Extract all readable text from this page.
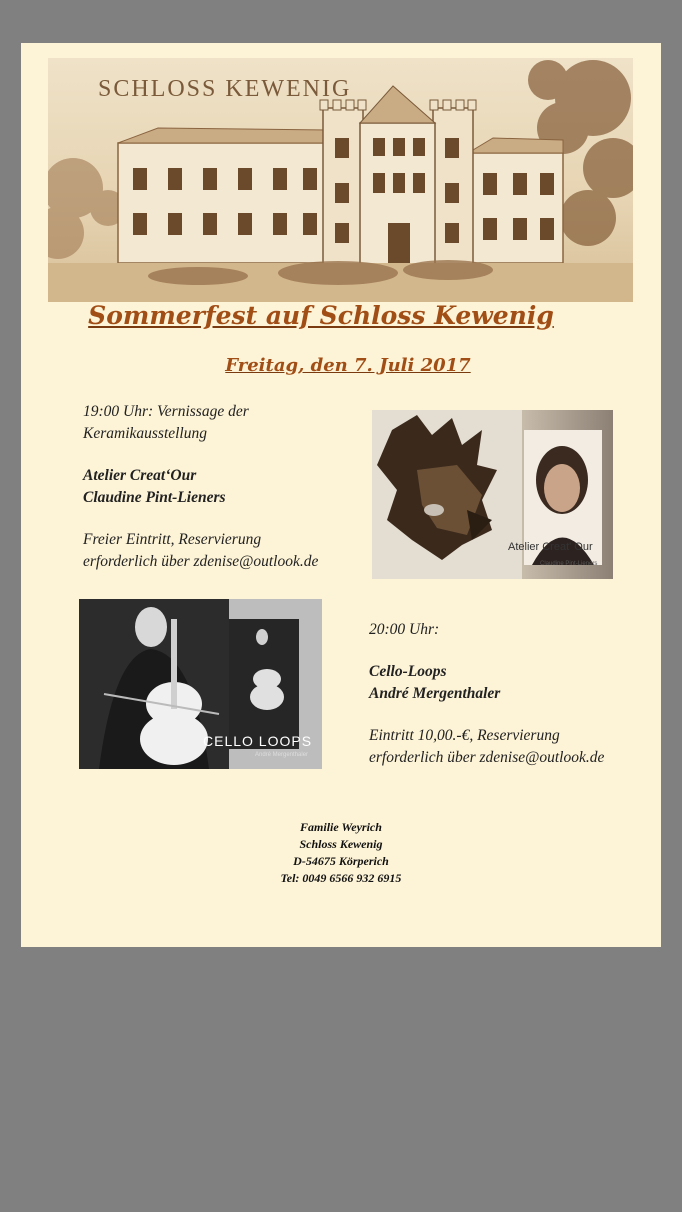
SCHLOSS KEWENIG
Sommerfest auf Schloss Kewenig
Freitag, den 7. Juli 2017
19:00 Uhr: Vernissage der
Keramikausstellung
Atelier Creat‘Our
Claudine Pint-Lieners
Freier Eintritt, Reservierung
erforderlich über zdenise@outlook.de
Atelier Creat' Our
Claudine Pint-Lieners
CELLO LOOPS
André Mergenthaler
20:00 Uhr:
Cello-Loops
André Mergenthaler
Eintritt 10,00.-€, Reservierung
erforderlich über zdenise@outlook.de
Familie Weyrich
Schloss Kewenig
D-54675 Körperich
Tel: 0049 6566 932 6915
